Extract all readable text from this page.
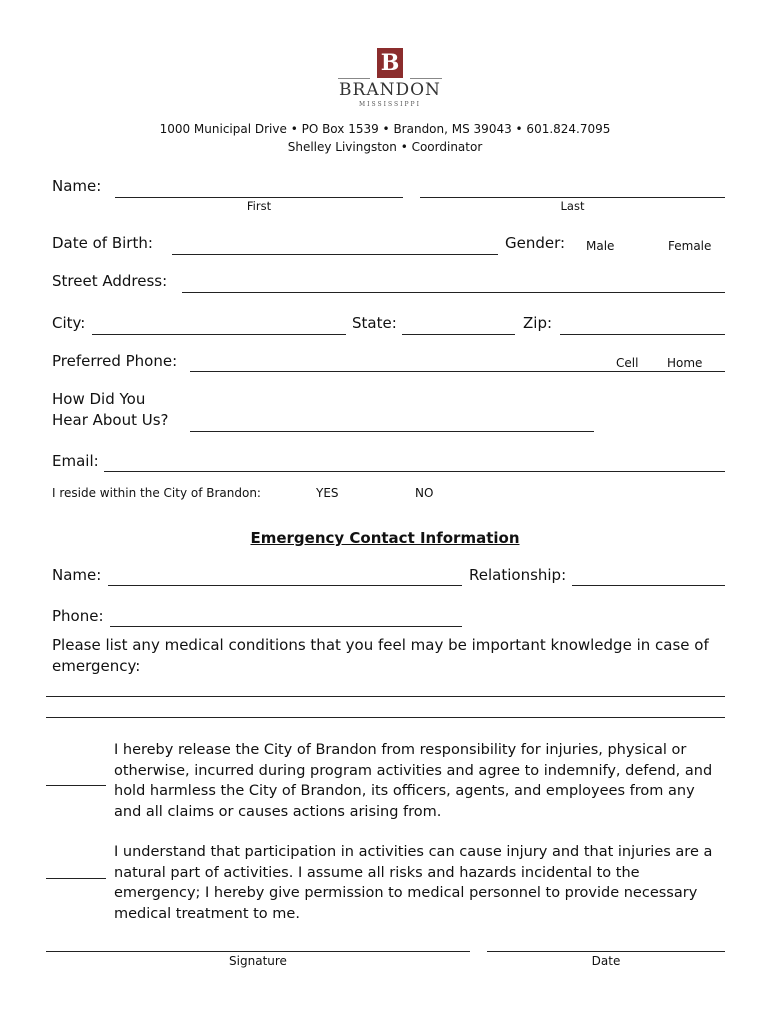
B
BRANDON
MISSISSIPPI
1000 Municipal Drive • PO Box 1539 • Brandon, MS 39043 • 601.824.7095
Shelley Livingston • Coordinator
Name:
First	Last
Date of Birth:	Gender: Male	Female
Street Address:
City:	State:	Zip:
Preferred Phone:	Cell Home
How Did You
Hear About Us?
Email:
I reside within the City of Brandon:	YES	NO
Emergency Contact Information
Name:	Relationship:
Phone:
Please list any medical conditions that you feel may be important knowledge in case of emergency:
I hereby release the City of Brandon from responsibility for injuries, physical or otherwise, incurred during program activities and agree to indemnify, defend, and hold harmless the City of Brandon, its officers, agents, and employees from any and all claims or causes actions arising from.
I understand that participation in activities can cause injury and that injuries are a natural part of activities. I assume all risks and hazards incidental to the emergency; I hereby give permission to medical personnel to provide necessary medical treatment to me.
Signature	Date
